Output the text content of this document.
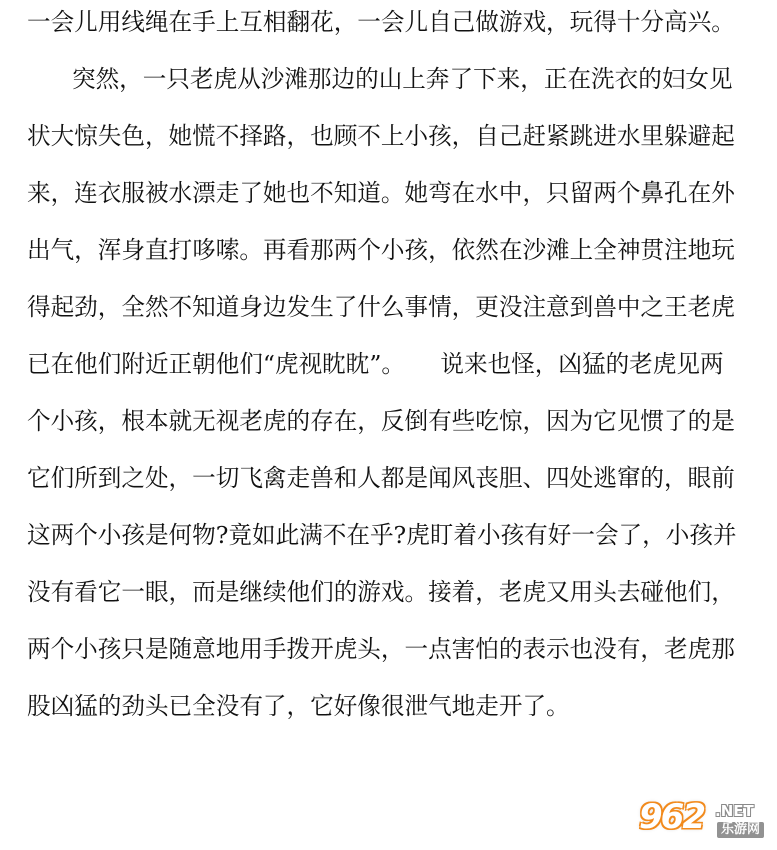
一会儿用线绳在手上互相翻花，一会儿自己做游戏，玩得十分高兴。
突然，一只老虎从沙滩那边的山上奔了下来，正在洗衣的妇女见
状大惊失色，她慌不择路，也顾不上小孩，自己赶紧跳进水里躲避起
来，连衣服被水漂走了她也不知道。她弯在水中，只留两个鼻孔在外
出气，浑身直打哆嗦。再看那两个小孩，依然在沙滩上全神贯注地玩
得起劲，全然不知道身边发生了什么事情，更没注意到兽中之王老虎
已在他们附近正朝他们“虎视眈眈”。　　说来也怪，凶猛的老虎见两
个小孩，根本就无视老虎的存在，反倒有些吃惊，因为它见惯了的是
它们所到之处，一切飞禽走兽和人都是闻风丧胆、四处逃窜的，眼前
这两个小孩是何物?竟如此满不在乎?虎盯着小孩有好一会了，小孩并
没有看它一眼，而是继续他们的游戏。接着，老虎又用头去碰他们，
两个小孩只是随意地用手拨开虎头，一点害怕的表示也没有，老虎那
股凶猛的劲头已全没有了，它好像很泄气地走开了。
962 .NET
乐游网
